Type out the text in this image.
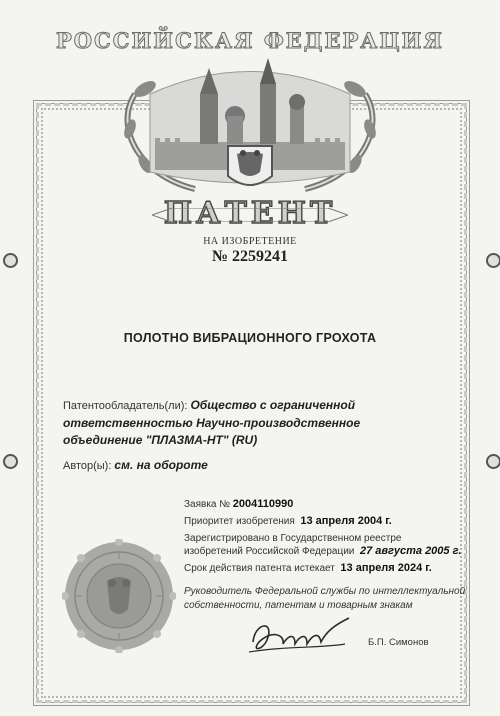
РОССИЙСКАЯ ФЕДЕРАЦИЯ
ПАТЕНТ
НА ИЗОБРЕТЕНИЕ
№ 2259241
ПОЛОТНО ВИБРАЦИОННОГО ГРОХОТА
Патентообладатель(ли): Общество с ограниченной
ответственностью Научно-производственное
объединение "ПЛАЗМА-НТ" (RU)
Автор(ы): см. на обороте
Заявка № 2004110990
Приоритет изобретения 13 апреля 2004 г.
Зарегистрировано в Государственном реестре
изобретений Российской Федерации 27 августа 2005 г.
Срок действия патента истекает 13 апреля 2024 г.
Руководитель Федеральной службы по интеллектуальной
собственности, патентам и товарным знакам
Б.П. Симонов
